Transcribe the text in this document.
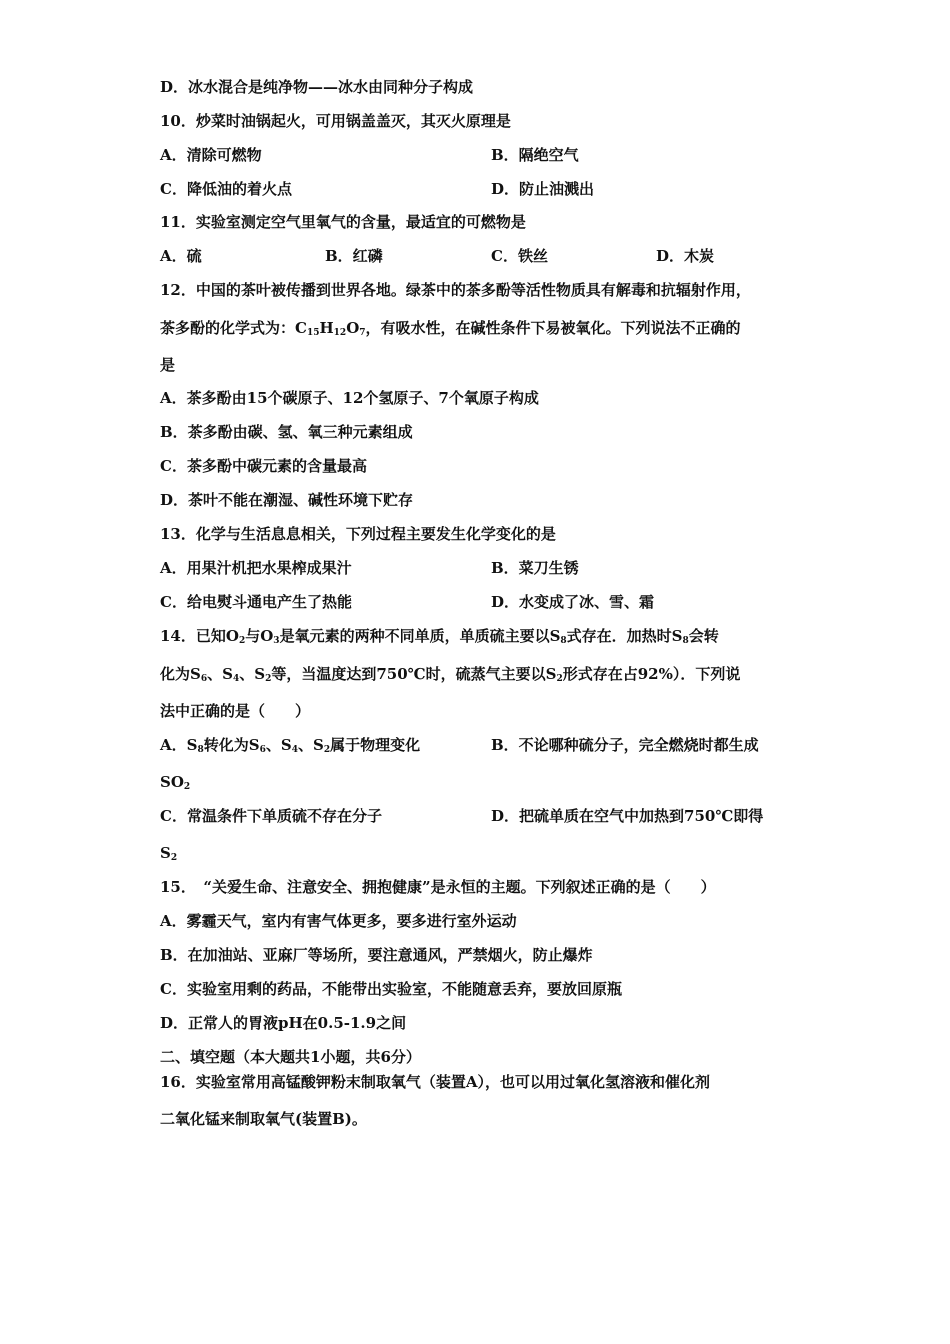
D．冰水混合是纯净物——冰水由同种分子构成
10．炒菜时油锅起火，可用锅盖盖灭，其灭火原理是
A．清除可燃物	B．隔绝空气
C．降低油的着火点	D．防止油溅出
11．实验室测定空气里氧气的含量，最适宜的可燃物是
A．硫	B．红磷	C．铁丝	D．木炭
12．中国的茶叶被传播到世界各地。绿茶中的茶多酚等活性物质具有解毒和抗辐射作用，
茶多酚的化学式为：$C_{15}H_{12}O_7$，有吸水性，在碱性条件下易被氧化。下列说法不正确的
是
A．茶多酚由15个碳原子、12个氢原子、7个氧原子构成
B．茶多酚由碳、氢、氧三种元素组成
C．茶多酚中碳元素的含量最高
D．茶叶不能在潮湿、碱性环境下贮存
13．化学与生活息息相关，下列过程主要发生化学变化的是
A．用果汁机把水果榨成果汁	B．菜刀生锈
C．给电熨斗通电产生了热能	D．水变成了冰、雪、霜
14．已知$O_2$与$O_3$是氧元素的两种不同单质，单质硫主要以$S_8$式存在．加热时$S_8$会转
化为$S_6$、$S_4$、$S_2$等，当温度达到750℃时，硫蒸气主要以$S_2$形式存在占92%）．下列说
法中正确的是（　　）
A．$S_8$转化为$S_6$、$S_4$、$S_2$属于物理变化	B．不论哪种硫分子，完全燃烧时都生成
$SO_2$
C．常温条件下单质硫不存在分子	D．把硫单质在空气中加热到750℃即得
$S_2$
15．　“关爱生命、注意安全、拥抱健康”是永恒的主题。下列叙述正确的是（　　）
A．雾霾天气，室内有害气体更多，要多进行室外运动
B．在加油站、亚麻厂等场所，要注意通风，严禁烟火，防止爆炸
C．实验室用剩的药品，不能带出实验室，不能随意丢弃，要放回原瓶
D．正常人的胃液pH在0.5-1.9之间
二、填空题（本大题共1小题，共6分）
16．实验室常用高锰酸钾粉末制取氧气（装置A），也可以用过氧化氢溶液和催化剂
二氧化锰来制取氧气(装置B)。
